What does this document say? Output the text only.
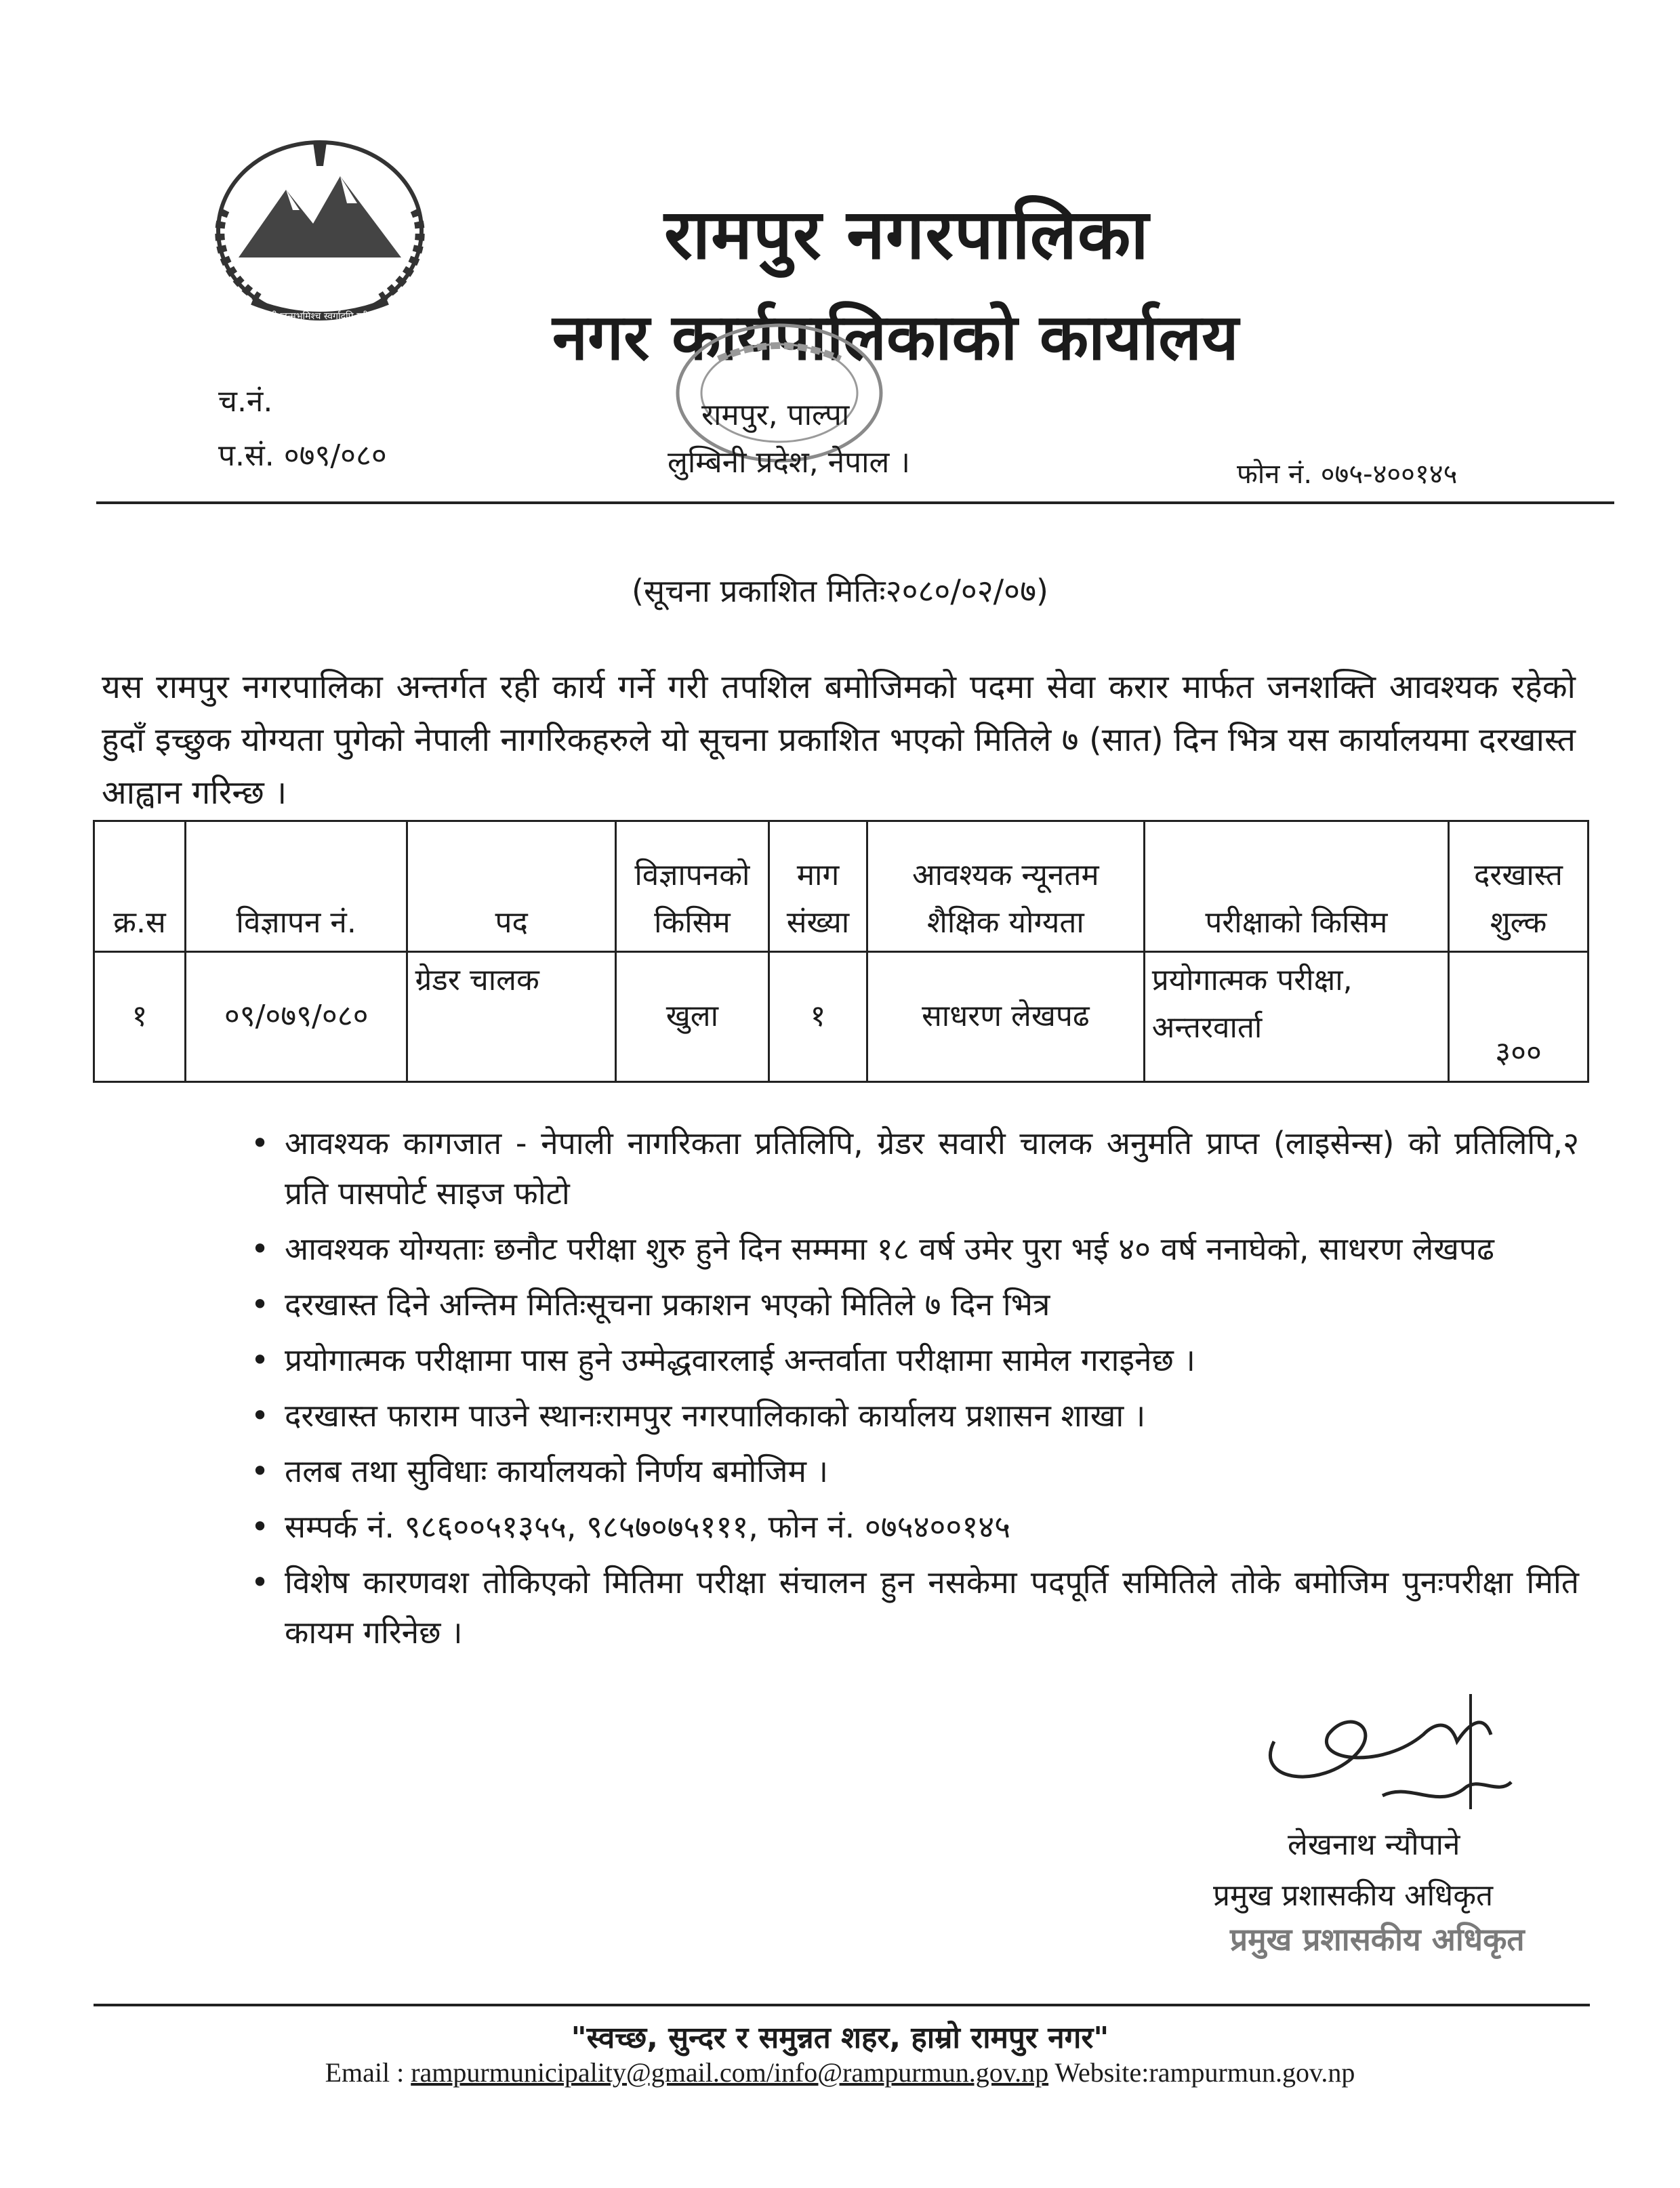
जननी जन्मभूमिश्च स्वर्गादपि गरीयसी
रामपुर नगरपालिका
नगर कार्यपालिकाको कार्यालय
च.नं.
प.सं. ०७९/०८०
रामपुर, पाल्पा
लुम्बिनी प्रदेश, नेपाल ।	फोन नं. ०७५-४००१४५
(सूचना प्रकाशित मितिः२०८०/०२/०७)
यस रामपुर नगरपालिका अन्तर्गत रही कार्य गर्ने गरी तपशिल बमोजिमको पदमा सेवा करार मार्फत जनशक्ति आवश्यक रहेको हुदाँ इच्छुक योग्यता पुगेको नेपाली नागरिकहरुले यो सूचना प्रकाशित भएको मितिले ७ (सात) दिन भित्र यस कार्यालयमा दरखास्त आह्वान गरिन्छ ।
क्र.स	विज्ञापन नं.	पद	विज्ञापनको किसिम	माग संख्या	आवश्यक न्यूनतम शैक्षिक योग्यता	परीक्षाको किसिम	दरखास्त शुल्क
१	०९/०७९/०८०	ग्रेडर चालक	खुला	१	साधरण लेखपढ	प्रयोगात्मक परीक्षा, अन्तरवार्ता	३००
• आवश्यक कागजात - नेपाली नागरिकता प्रतिलिपि, ग्रेडर सवारी चालक अनुमति प्राप्त (लाइसेन्स) को प्रतिलिपि,२ प्रति पासपोर्ट साइज फोटो
• आवश्यक योग्यताः छनौट परीक्षा शुरु हुने दिन सम्ममा १८ वर्ष उमेर पुरा भई ४० वर्ष ननाघेको, साधरण लेखपढ
• दरखास्त दिने अन्तिम मितिःसूचना प्रकाशन भएको मितिले ७ दिन भित्र
• प्रयोगात्मक परीक्षामा पास हुने उम्मेद्धवारलाई अन्तर्वाता परीक्षामा सामेल गराइनेछ ।
• दरखास्त फाराम पाउने स्थानःरामपुर नगरपालिकाको कार्यालय प्रशासन शाखा ।
• तलब तथा सुविधाः कार्यालयको निर्णय बमोजिम ।
• सम्पर्क नं. ९८६००५१३५५, ९८५७०७५१११, फोन नं. ०७५४००१४५
• विशेष कारणवश तोकिएको मितिमा परीक्षा संचालन हुन नसकेमा पदपूर्ति समितिले तोके बमोजिम पुनःपरीक्षा मिति कायम गरिनेछ ।
लेखनाथ न्यौपाने
प्रमुख प्रशासकीय अधिकृत
प्रमुख प्रशासकीय अधिकृत
"स्वच्छ, सुन्दर र समुन्नत शहर, हाम्रो रामपुर नगर"
Email : rampurmunicipality@gmail.com/info@rampurmun.gov.np Website:rampurmun.gov.np
